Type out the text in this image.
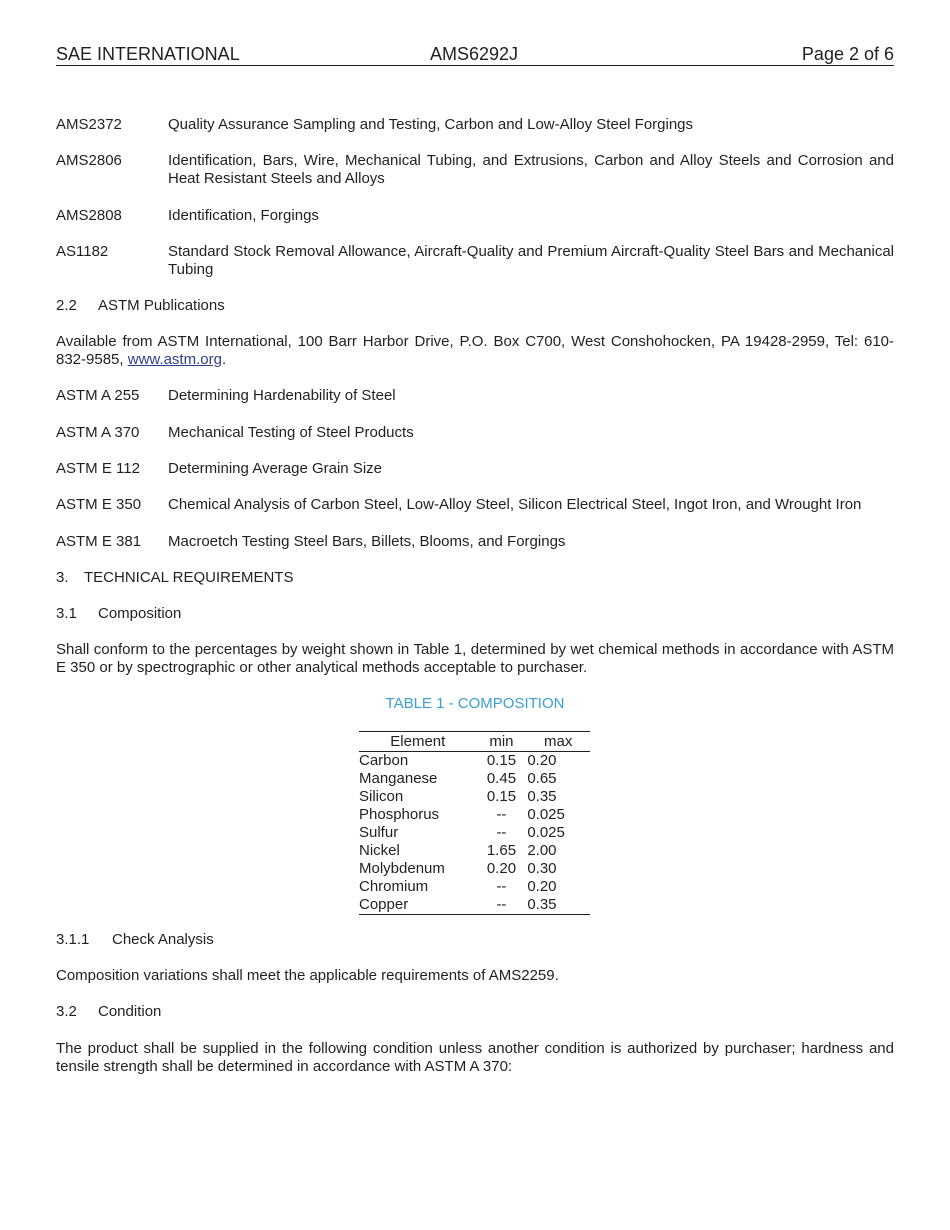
SAE INTERNATIONAL	AMS6292J	Page 2 of 6
AMS2372	Quality Assurance Sampling and Testing, Carbon and Low-Alloy Steel Forgings
AMS2806	Identification, Bars, Wire, Mechanical Tubing, and Extrusions, Carbon and Alloy Steels and Corrosion and Heat Resistant Steels and Alloys
AMS2808	Identification, Forgings
AS1182	Standard Stock Removal Allowance, Aircraft-Quality and Premium Aircraft-Quality Steel Bars and Mechanical Tubing
2.2 ASTM Publications
Available from ASTM International, 100 Barr Harbor Drive, P.O. Box C700, West Conshohocken, PA 19428-2959, Tel: 610-832-9585, www.astm.org.
ASTM A 255 Determining Hardenability of Steel
ASTM A 370 Mechanical Testing of Steel Products
ASTM E 112 Determining Average Grain Size
ASTM E 350 Chemical Analysis of Carbon Steel, Low-Alloy Steel, Silicon Electrical Steel, Ingot Iron, and Wrought Iron
ASTM E 381 Macroetch Testing Steel Bars, Billets, Blooms, and Forgings
3. TECHNICAL REQUIREMENTS
3.1 Composition
Shall conform to the percentages by weight shown in Table 1, determined by wet chemical methods in accordance with ASTM E 350 or by spectrographic or other analytical methods acceptable to purchaser.
TABLE 1 - COMPOSITION
Element	min	max
Carbon	0.15	0.20
Manganese	0.45	0.65
Silicon	0.15	0.35
Phosphorus	--	0.025
Sulfur	--	0.025
Nickel	1.65	2.00
Molybdenum	0.20	0.30
Chromium	--	0.20
Copper	--	0.35
3.1.1 Check Analysis
Composition variations shall meet the applicable requirements of AMS2259.
3.2 Condition
The product shall be supplied in the following condition unless another condition is authorized by purchaser; hardness and tensile strength shall be determined in accordance with ASTM A 370:
